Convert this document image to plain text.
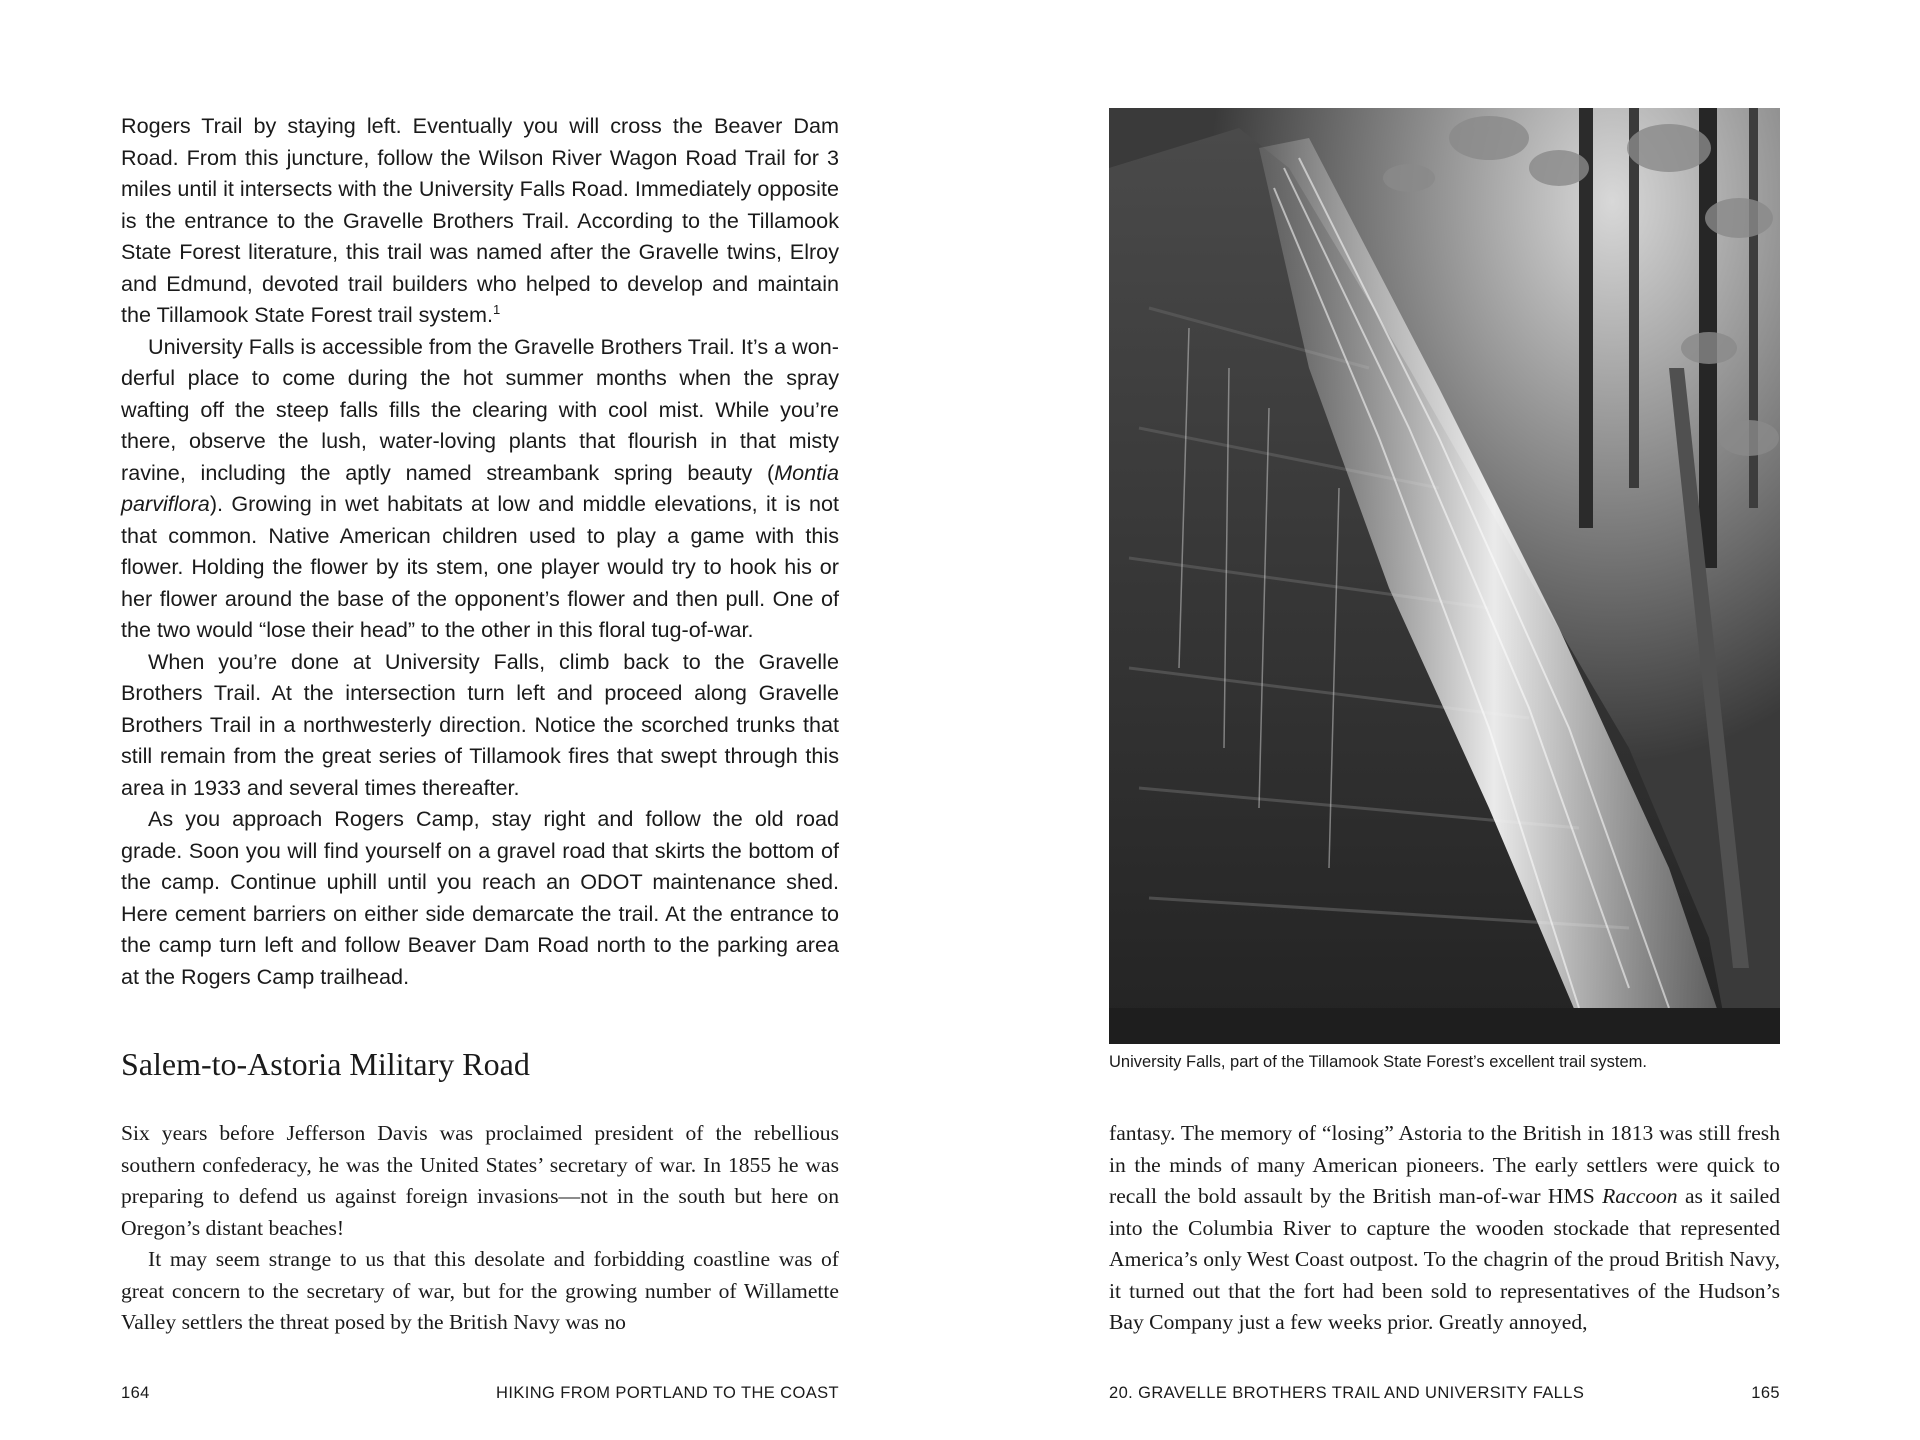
Rogers Trail by staying left. Eventually you will cross the Beaver Dam Road. From this juncture, follow the Wilson River Wagon Road Trail for 3 miles until it intersects with the University Falls Road. Immediately opposite is the entrance to the Gravelle Brothers Trail. According to the Tillamook State Forest literature, this trail was named after the Gravelle twins, Elroy and Edmund, devoted trail builders who helped to develop and maintain the Tillamook State Forest trail system.$^1$

University Falls is accessible from the Gravelle Brothers Trail. It’s a wonderful place to come during the hot summer months when the spray wafting off the steep falls fills the clearing with cool mist. While you’re there, observe the lush, water-loving plants that flourish in that misty ravine, including the aptly named streambank spring beauty (Montia parviflora). Growing in wet habitats at low and middle elevations, it is not that common. Native American children used to play a game with this flower. Holding the flower by its stem, one player would try to hook his or her flower around the base of the opponent’s flower and then pull. One of the two would “lose their head” to the other in this floral tug-of-war.

When you’re done at University Falls, climb back to the Gravelle Brothers Trail. At the intersection turn left and proceed along Gravelle Brothers Trail in a northwesterly direction. Notice the scorched trunks that still remain from the great series of Tillamook fires that swept through this area in 1933 and several times thereafter.

As you approach Rogers Camp, stay right and follow the old road grade. Soon you will find yourself on a gravel road that skirts the bottom of the camp. Continue uphill until you reach an ODOT maintenance shed. Here cement barriers on either side demarcate the trail. At the entrance to the camp turn left and follow Beaver Dam Road north to the parking area at the Rogers Camp trailhead.

Salem-to-Astoria Military Road

Six years before Jefferson Davis was proclaimed president of the rebellious southern confederacy, he was the United States’ secretary of war. In 1855 he was preparing to defend us against foreign invasions—not in the south but here on Oregon’s distant beaches!

It may seem strange to us that this desolate and forbidding coastline was of great concern to the secretary of war, but for the growing number of Willamette Valley settlers the threat posed by the British Navy was no

164	HIKING FROM PORTLAND TO THE COAST
University Falls, part of the Tillamook State Forest’s excellent trail system.

fantasy. The memory of “losing” Astoria to the British in 1813 was still fresh in the minds of many American pioneers. The early settlers were quick to recall the bold assault by the British man-of-war HMS Raccoon as it sailed into the Columbia River to capture the wooden stockade that represented America’s only West Coast outpost. To the chagrin of the proud British Navy, it turned out that the fort had been sold to representatives of the Hudson’s Bay Company just a few weeks prior. Greatly annoyed,

20. GRAVELLE BROTHERS TRAIL AND UNIVERSITY FALLS	165
